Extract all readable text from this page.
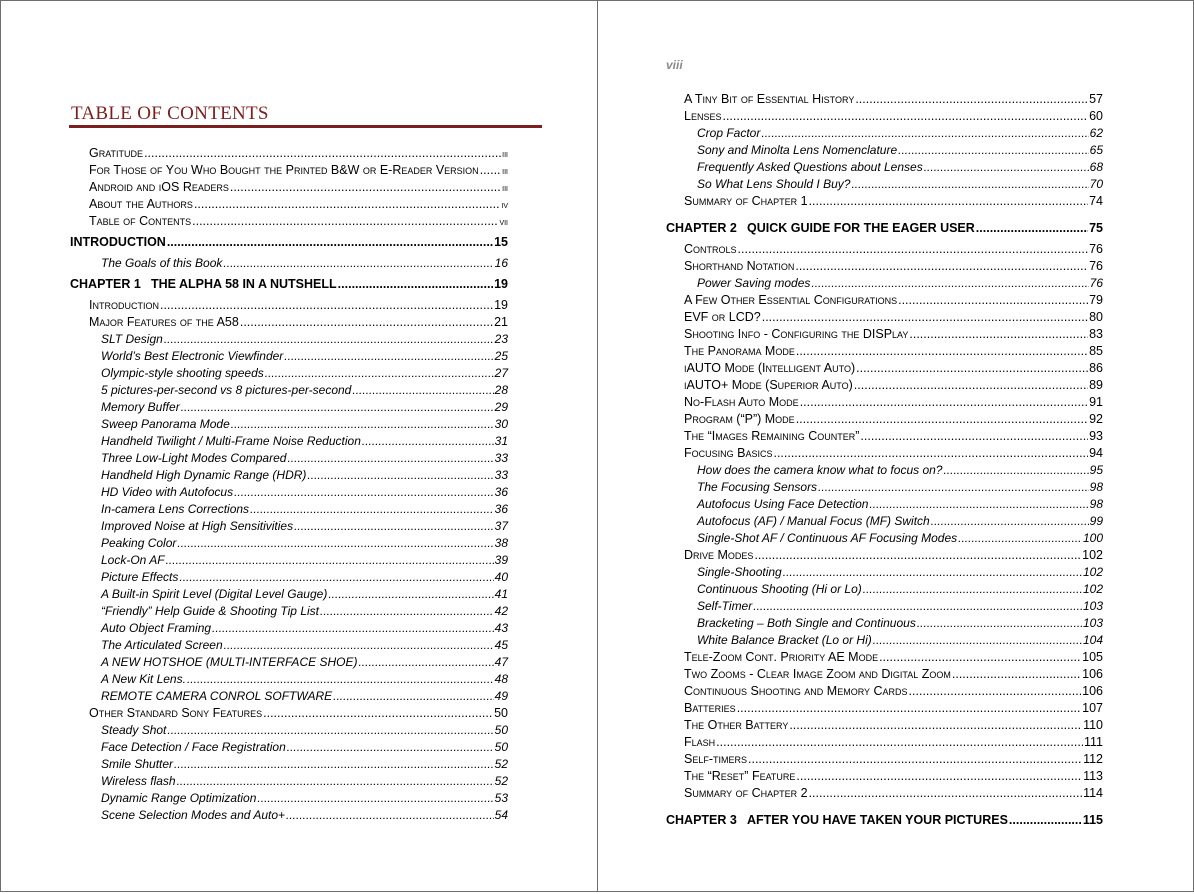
TABLE OF CONTENTS
viii
Gratitude .....	iii
For Those of You Who Bought the Printed B&W or E-Reader Version ..... iii
Android and iOS Readers .....	iii
About the Authors .....	iv
Table of Contents .....	vii
INTRODUCTION .....	15
The Goals of this Book .....	16
CHAPTER 1 THE ALPHA 58 IN A NUTSHELL .....	19
Introduction .....	19
Major Features of the A58 .....	21
SLT Design .....	23
World’s Best Electronic Viewfinder .....	25
Olympic-style shooting speeds .....	27
5 pictures-per-second vs 8 pictures-per-second .....	28
Memory Buffer .....	29
Sweep Panorama Mode .....	30
Handheld Twilight / Multi-Frame Noise Reduction .....	31
Three Low-Light Modes Compared .....	33
Handheld High Dynamic Range (HDR) .....	33
HD Video with Autofocus .....	36
In-camera Lens Corrections .....	36
Improved Noise at High Sensitivities .....	37
Peaking Color .....	38
Lock-On AF .....	39
Picture Effects .....	40
A Built-in Spirit Level (Digital Level Gauge) .....	41
“Friendly” Help Guide & Shooting Tip List .....	42
Auto Object Framing .....	43
The Articulated Screen .....	45
A NEW HOTSHOE (MULTI-INTERFACE SHOE) .....	47
A New Kit Lens. .....	48
REMOTE CAMERA CONROL SOFTWARE .....	49
Other Standard Sony Features .....	50
Steady Shot .....	50
Face Detection / Face Registration .....	50
Smile Shutter .....	52
Wireless flash .....	52
Dynamic Range Optimization .....	53
Scene Selection Modes and Auto+ .....	54
A Tiny Bit of Essential History .....	57
Lenses .....	60
Crop Factor .....	62
Sony and Minolta Lens Nomenclature .....	65
Frequently Asked Questions about Lenses .....	68
So What Lens Should I Buy? .....	70
Summary of Chapter 1 .....	74
CHAPTER 2 QUICK GUIDE FOR THE EAGER USER .....	75
Controls .....	76
Shorthand Notation .....	76
Power Saving modes .....	76
A Few Other Essential Configurations .....	79
EVF or LCD? .....	80
Shooting Info - Configuring the DISPlay .....	83
The Panorama Mode .....	85
iAUTO Mode (Intelligent Auto) .....	86
iAUTO+ Mode (Superior Auto) .....	89
No-Flash Auto Mode .....	91
Program (“P”) Mode .....	92
The “Images Remaining Counter” .....	93
Focusing Basics .....	94
How does the camera know what to focus on? .....	95
The Focusing Sensors .....	98
Autofocus Using Face Detection .....	98
Autofocus (AF) / Manual Focus (MF) Switch .....	99
Single-Shot AF / Continuous AF Focusing Modes .....	100
Drive Modes .....	102
Single-Shooting .....	102
Continuous Shooting (Hi or Lo) .....	102
Self-Timer .....	103
Bracketing – Both Single and Continuous .....	103
White Balance Bracket (Lo or Hi) .....	104
Tele-Zoom Cont. Priority AE Mode .....	105
Two Zooms - Clear Image Zoom and Digital Zoom .....	106
Continuous Shooting and Memory Cards .....	106
Batteries .....	107
The Other Battery .....	110
Flash .....	111
Self-timers .....	112
The “Reset” Feature .....	113
Summary of Chapter 2 .....	114
CHAPTER 3 AFTER YOU HAVE TAKEN YOUR PICTURES .....	115
